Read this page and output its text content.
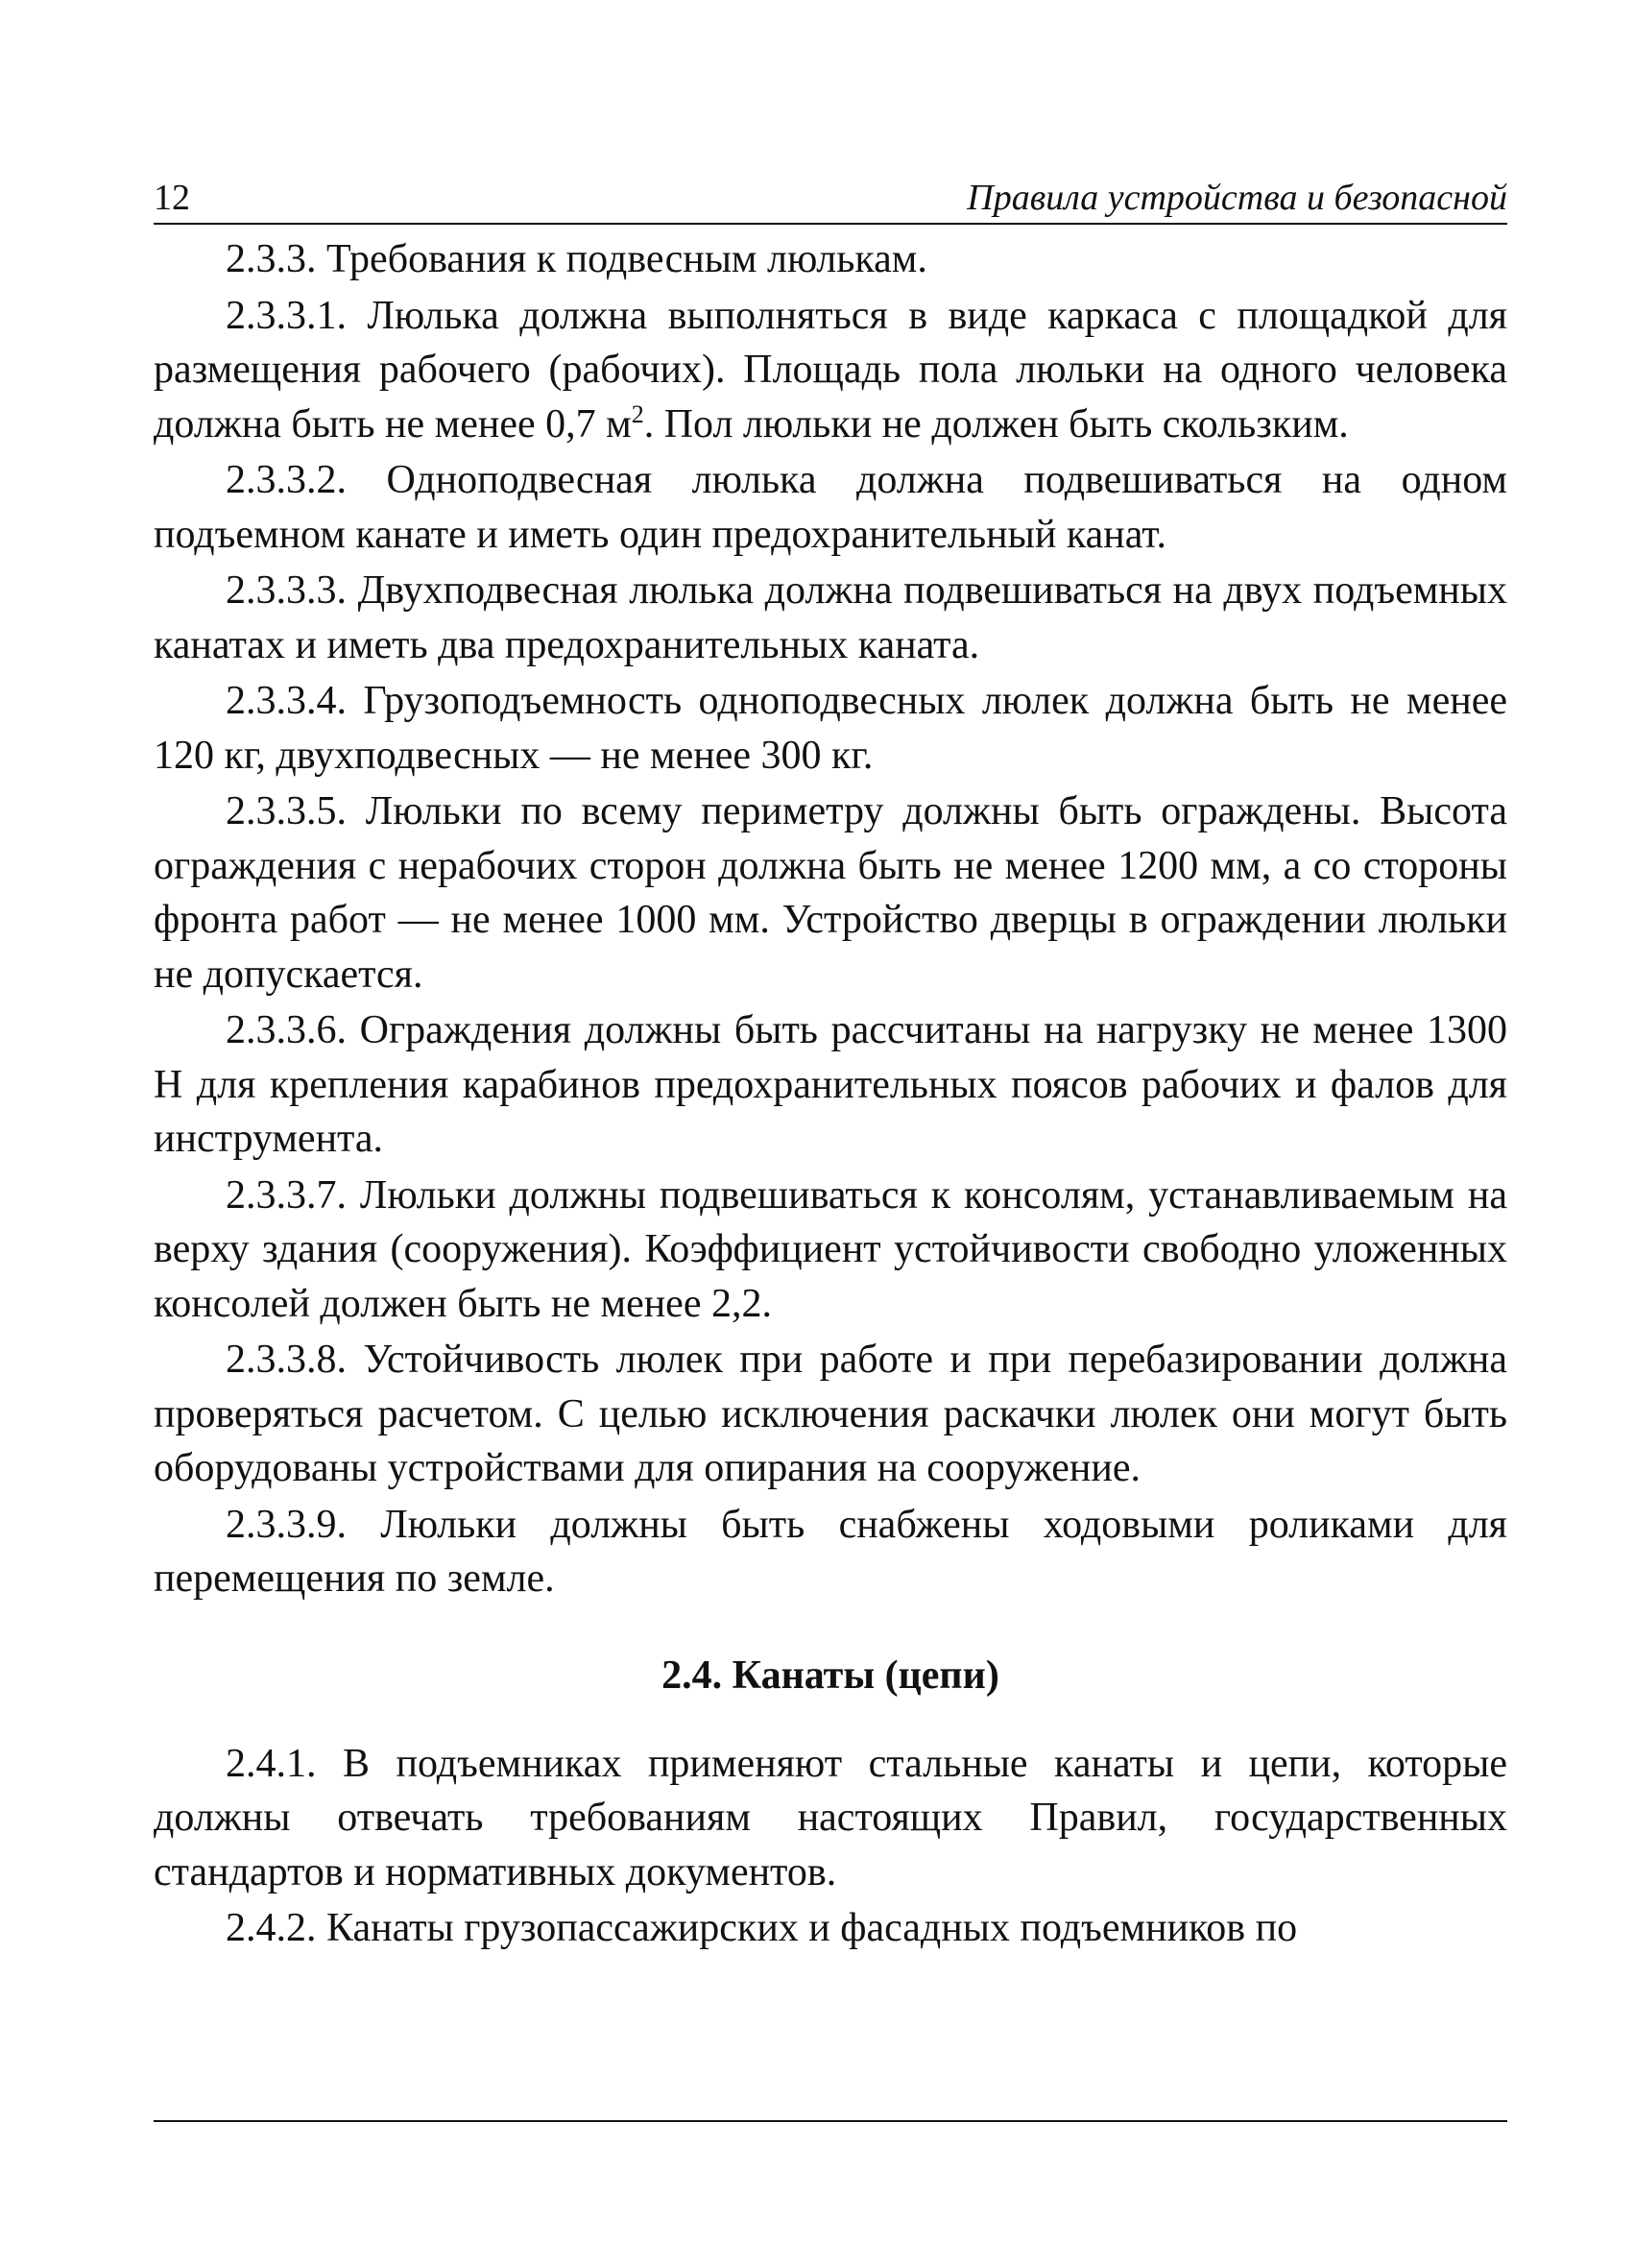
12	Правила устройства и безопасной

2.3.3. Требования к подвесным люлькам.

2.3.3.1. Люлька должна выполняться в виде каркаса с площадкой для размещения рабочего (рабочих). Площадь пола люльки на одного человека должна быть не менее 0,7 $м^2$. Пол люльки не должен быть скользким.

2.3.3.2. Одноподвесная люлька должна подвешиваться на одном подъемном канате и иметь один предохранительный канат.

2.3.3.3. Двухподвесная люлька должна подвешиваться на двух подъемных канатах и иметь два предохранительных каната.

2.3.3.4. Грузоподъемность одноподвесных люлек должна быть не менее 120 кг, двухподвесных — не менее 300 кг.

2.3.3.5. Люльки по всему периметру должны быть ограждены. Высота ограждения с нерабочих сторон должна быть не менее 1200 мм, а со стороны фронта работ — не менее 1000 мм. Устройство дверцы в ограждении люльки не допускается.

2.3.3.6. Ограждения должны быть рассчитаны на нагрузку не менее 1300 Н для крепления карабинов предохранительных поясов рабочих и фалов для инструмента.

2.3.3.7. Люльки должны подвешиваться к консолям, устанавливаемым на верху здания (сооружения). Коэффициент устойчивости свободно уложенных консолей должен быть не менее 2,2.

2.3.3.8. Устойчивость люлек при работе и при перебазировании должна проверяться расчетом. С целью исключения раскачки люлек они могут быть оборудованы устройствами для опирания на сооружение.

2.3.3.9. Люльки должны быть снабжены ходовыми роликами для перемещения по земле.

2.4. Канаты (цепи)

2.4.1. В подъемниках применяют стальные канаты и цепи, которые должны отвечать требованиям настоящих Правил, государственных стандартов и нормативных документов.

2.4.2. Канаты грузопассажирских и фасадных подъемников по
